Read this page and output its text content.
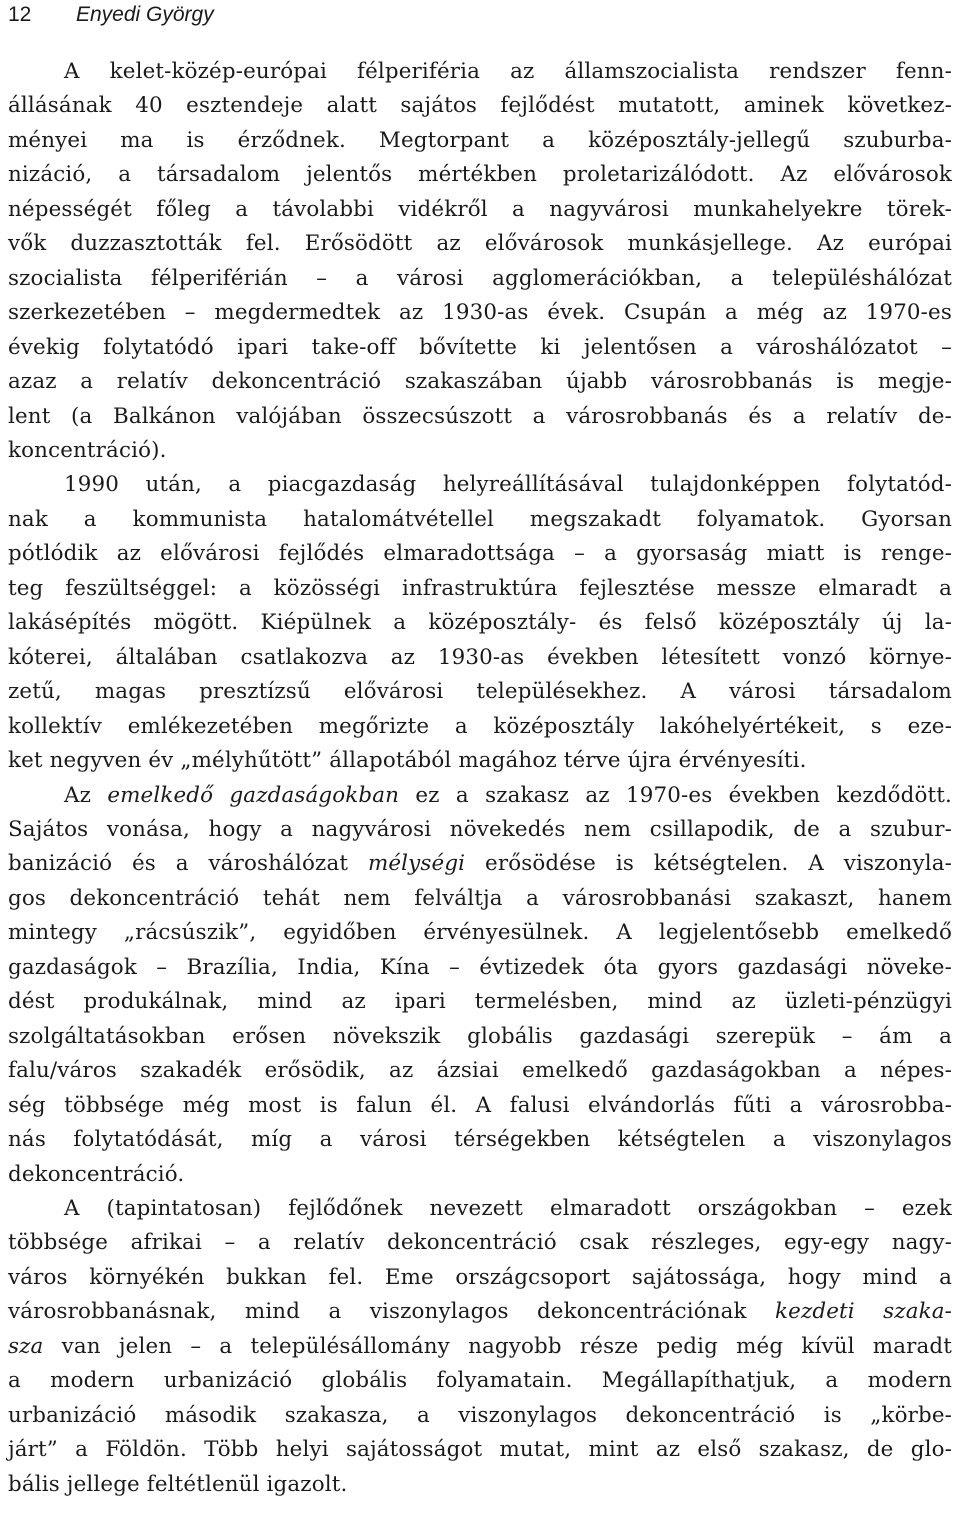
12 Enyedi György

A kelet-közép-európai félperiféria az államszocialista rendszer fenn-
állásának 40 esztendeje alatt sajátos fejlődést mutatott, aminek következ-
ményei ma is érződnek. Megtorpant a középosztály-jellegű szuburba-
nizáció, a társadalom jelentős mértékben proletarizálódott. Az elővárosok
népességét főleg a távolabbi vidékről a nagyvárosi munkahelyekre törek-
vők duzzasztották fel. Erősödött az elővárosok munkásjellege. Az európai
szocialista félperiférián – a városi agglomerációkban, a településhálózat
szerkezetében – megdermedtek az 1930-as évek. Csupán a még az 1970-es
évekig folytatódó ipari take-off bővítette ki jelentősen a városhálózatot –
azaz a relatív dekoncentráció szakaszában újabb városrobbanás is megje-
lent (a Balkánon valójában összecsúszott a városrobbanás és a relatív de-
koncentráció).

1990 után, a piacgazdaság helyreállításával tulajdonképpen folytatód-
nak a kommunista hatalomátvétellel megszakadt folyamatok. Gyorsan
pótlódik az elővárosi fejlődés elmaradottsága – a gyorsaság miatt is renge-
teg feszültséggel: a közösségi infrastruktúra fejlesztése messze elmaradt a
lakásépítés mögött. Kiépülnek a középosztály- és felső középosztály új la-
kóterei, általában csatlakozva az 1930-as években létesített vonzó környe-
zetű, magas presztízsű elővárosi településekhez. A városi társadalom
kollektív emlékezetében megőrizte a középosztály lakóhelyértékeit, s eze-
ket negyven év „mélyhűtött” állapotából magához térve újra érvényesíti.

Az emelkedő gazdaságokban ez a szakasz az 1970-es években kezdődött.
Sajátos vonása, hogy a nagyvárosi növekedés nem csillapodik, de a szubur-
banizáció és a városhálózat mélységi erősödése is kétségtelen. A viszonyla-
gos dekoncentráció tehát nem felváltja a városrobbanási szakaszt, hanem
mintegy „rácsúszik”, egyidőben érvényesülnek. A legjelentősebb emelkedő
gazdaságok – Brazília, India, Kína – évtizedek óta gyors gazdasági növeke-
dést produkálnak, mind az ipari termelésben, mind az üzleti-pénzügyi
szolgáltatásokban erősen növekszik globális gazdasági szerepük – ám a
falu/város szakadék erősödik, az ázsiai emelkedő gazdaságokban a népes-
ség többsége még most is falun él. A falusi elvándorlás fűti a városrobba-
nás folytatódását, míg a városi térségekben kétségtelen a viszonylagos
dekoncentráció.

A (tapintatosan) fejlődőnek nevezett elmaradott országokban – ezek
többsége afrikai – a relatív dekoncentráció csak részleges, egy-egy nagy-
város környékén bukkan fel. Eme országcsoport sajátossága, hogy mind a
városrobbanásnak, mind a viszonylagos dekoncentrációnak kezdeti szaka-
sza van jelen – a településállomány nagyobb része pedig még kívül maradt
a modern urbanizáció globális folyamatain. Megállapíthatjuk, a modern
urbanizáció második szakasza, a viszonylagos dekoncentráció is „körbe-
járt” a Földön. Több helyi sajátosságot mutat, mint az első szakasz, de glo-
bális jellege feltétlenül igazolt.
